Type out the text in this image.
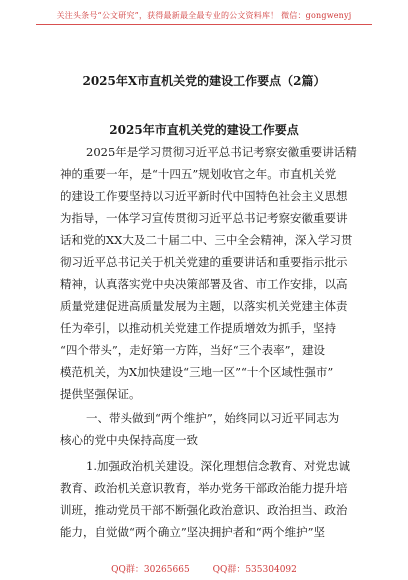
关注头条号“公文研究”，获得最新最全最专业的公文资料库！ 微信：gongwenyj
2025年X市直机关党的建设工作要点（2篇）
2025年市直机关党的建设工作要点
2025年是学习贯彻习近平总书记考察安徽重要讲话精
神的重要一年，是“十四五”规划收官之年。市直机关党
的建设工作要坚持以习近平新时代中国特色社会主义思想
为指导，一体学习宣传贯彻习近平总书记考察安徽重要讲
话和党的XX大及二十届二中、三中全会精神，深入学习贯
彻习近平总书记关于机关党建的重要讲话和重要指示批示
精神，认真落实党中央决策部署及省、市工作安排，以高
质量党建促进高质量发展为主题，以落实机关党建主体责
任为牵引，以推动机关党建工作提质增效为抓手，坚持
“四个带头”，走好第一方阵，当好“三个表率”，建设
模范机关，为X加快建设“三地一区”“十个区域性强市”
提供坚强保证。
一、带头做到“两个维护”，始终同以习近平同志为
核心的党中央保持高度一致
1.加强政治机关建设。深化理想信念教育、对党忠诚
教育、政治机关意识教育，举办党务干部政治能力提升培
训班，推动党员干部不断强化政治意识、政治担当、政治
能力，自觉做“两个确立”坚决拥护者和“两个维护”坚
QQ群：30265665	QQ群：535304092
